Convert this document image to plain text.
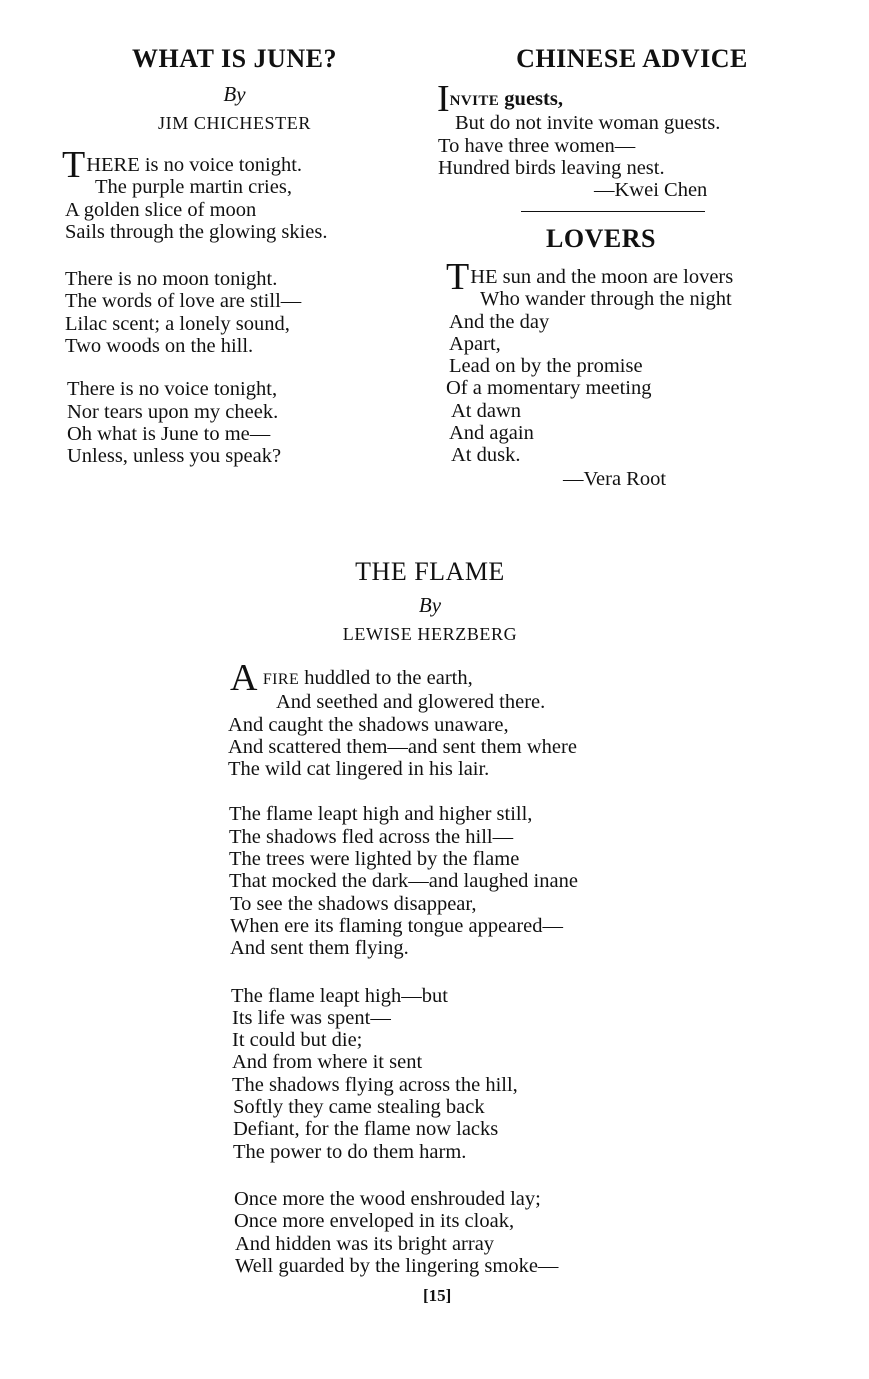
WHAT IS JUNE?
By
JIM CHICHESTER
THERE is no voice tonight.
The purple martin cries,
A golden slice of moon
Sails through the glowing skies.
There is no moon tonight.
The words of love are still—
Lilac scent; a lonely sound,
Two woods on the hill.
There is no voice tonight,
Nor tears upon my cheek.
Oh what is June to me—
Unless, unless you speak?
CHINESE ADVICE
INVITE guests,
But do not invite woman guests.
To have three women—
Hundred birds leaving nest.
—Kwei Chen
LOVERS
THE sun and the moon are lovers
Who wander through the night
And the day
Apart,
Lead on by the promise
Of a momentary meeting
At dawn
And again
At dusk.
—Vera Root
THE FLAME
By
LEWISE HERZBERG
A FIRE huddled to the earth,
And seethed and glowered there.
And caught the shadows unaware,
And scattered them—and sent them where
The wild cat lingered in his lair.
The flame leapt high and higher still,
The shadows fled across the hill—
The trees were lighted by the flame
That mocked the dark—and laughed inane
To see the shadows disappear,
When ere its flaming tongue appeared—
And sent them flying.
The flame leapt high—but
Its life was spent—
It could but die;
And from where it sent
The shadows flying across the hill,
Softly they came stealing back
Defiant, for the flame now lacks
The power to do them harm.
Once more the wood enshrouded lay;
Once more enveloped in its cloak,
And hidden was its bright array
Well guarded by the lingering smoke—
[15]
